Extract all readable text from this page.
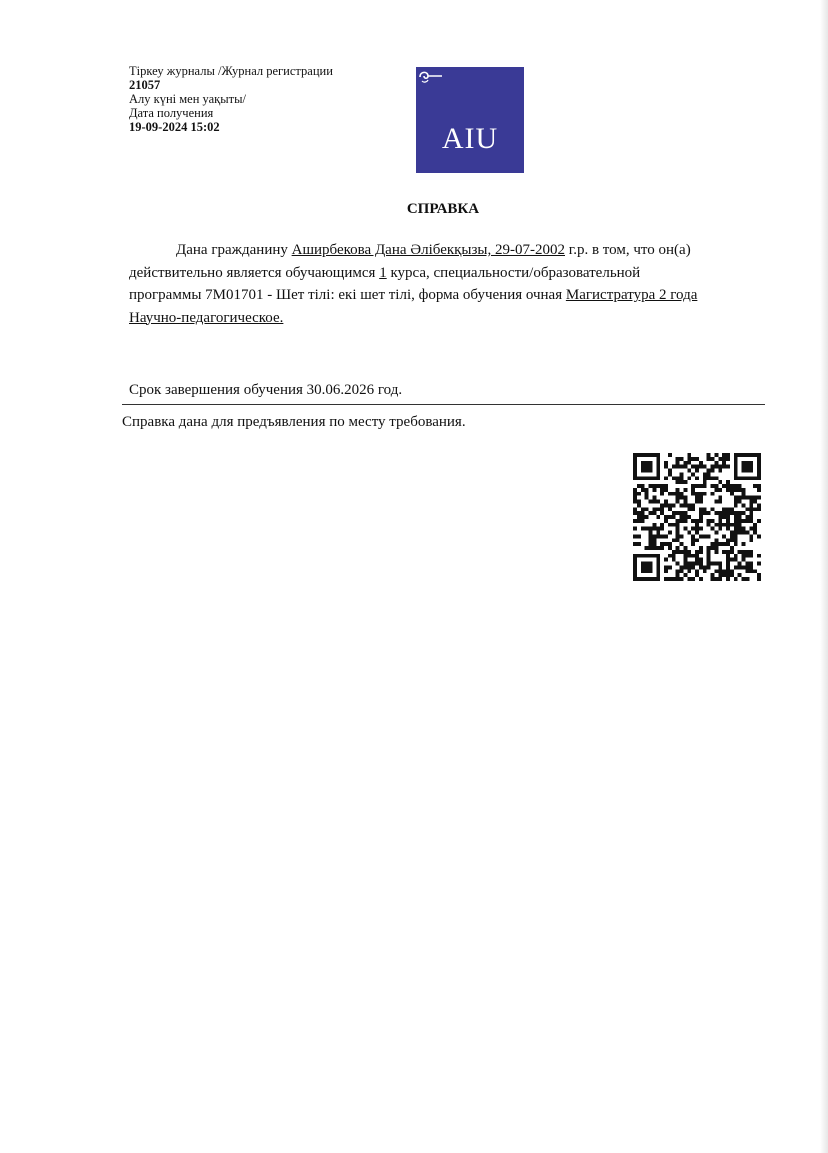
Тіркеу журналы /Журнал регистрации
21057
Алу күні мен уақыты/
Дата получения
19-09-2024 15:02	AIU
СПРАВКА
Дана гражданину Аширбекова Дана Әлібекқызы, 29-07-2002 г.р. в том, что он(а)
действительно является обучающимся 1 курса, специальности/образовательной
программы 7М01701 - Шет тілі: екі шет тілі, форма обучения очная Магистратура 2 года
Научно-педагогическое.
Срок завершения обучения 30.06.2026 год.
Справка дана для предъявления по месту требования.
